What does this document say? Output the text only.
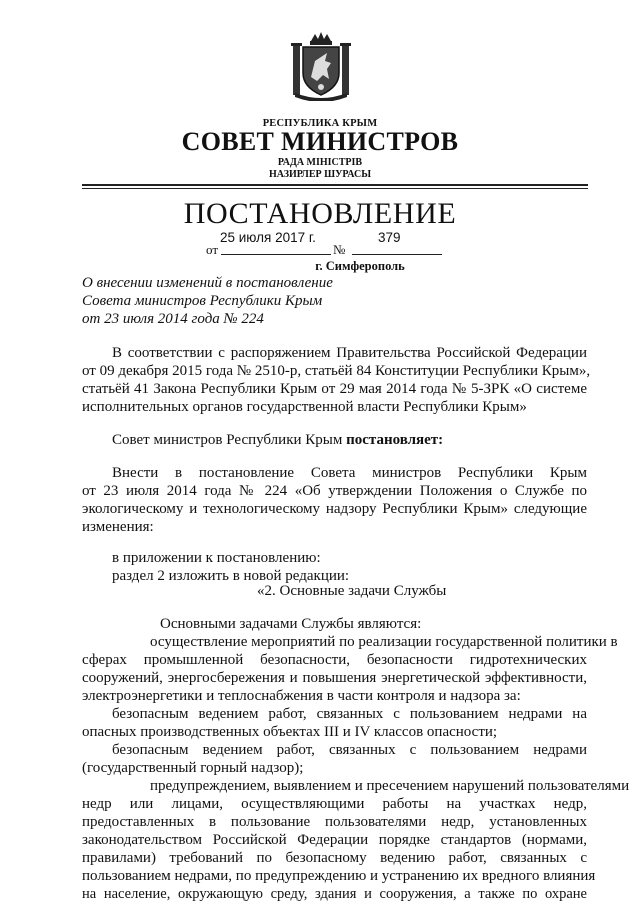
РЕСПУБЛИКА КРЫМ
СОВЕТ МИНИСТРОВ
РАДА МІНІСТРІВ
НАЗИРЛЕР ШУРАСЫ
ПОСТАНОВЛЕНИЕ
25 июля 2017 г.	379
от	№
г. Симферополь
О внесении изменений в постановление
Совета министров Республики Крым
от 23 июля 2014 года № 224
В соответствии с распоряжением Правительства Российской Федерации
от 09 декабря 2015 года № 2510-р, статьёй 84 Конституции Республики Крым»,
статьёй 41 Закона Республики Крым от 29 мая 2014 года № 5-ЗРК «О системе
исполнительных органов государственной власти Республики Крым»
Совет министров Республики Крым постановляет:
Внести в постановление Совета министров Республики Крым
от 23 июля 2014 года № 224 «Об утверждении Положения о Службе по
экологическому и технологическому надзору Республики Крым» следующие
изменения:
в приложении к постановлению:
раздел 2 изложить в новой редакции:
«2. Основные задачи Службы
Основными задачами Службы являются:
осуществление мероприятий по реализации государственной политики в
сферах промышленной безопасности, безопасности гидротехнических
сооружений, энергосбережения и повышения энергетической эффективности,
электроэнергетики и теплоснабжения в части контроля и надзора за:
безопасным ведением работ, связанных с пользованием недрами на
опасных производственных объектах III и IV классов опасности;
безопасным ведением работ, связанных с пользованием недрами
(государственный горный надзор);
предупреждением, выявлением и пресечением нарушений пользователями
недр или лицами, осуществляющими работы на участках недр,
предоставленных в пользование пользователями недр, установленных
законодательством Российской Федерации порядке стандартов (нормами,
правилами) требований по безопасному ведению работ, связанных с
пользованием недрами, по предупреждению и устранению их вредного влияния
на население, окружающую среду, здания и сооружения, а также по охране
